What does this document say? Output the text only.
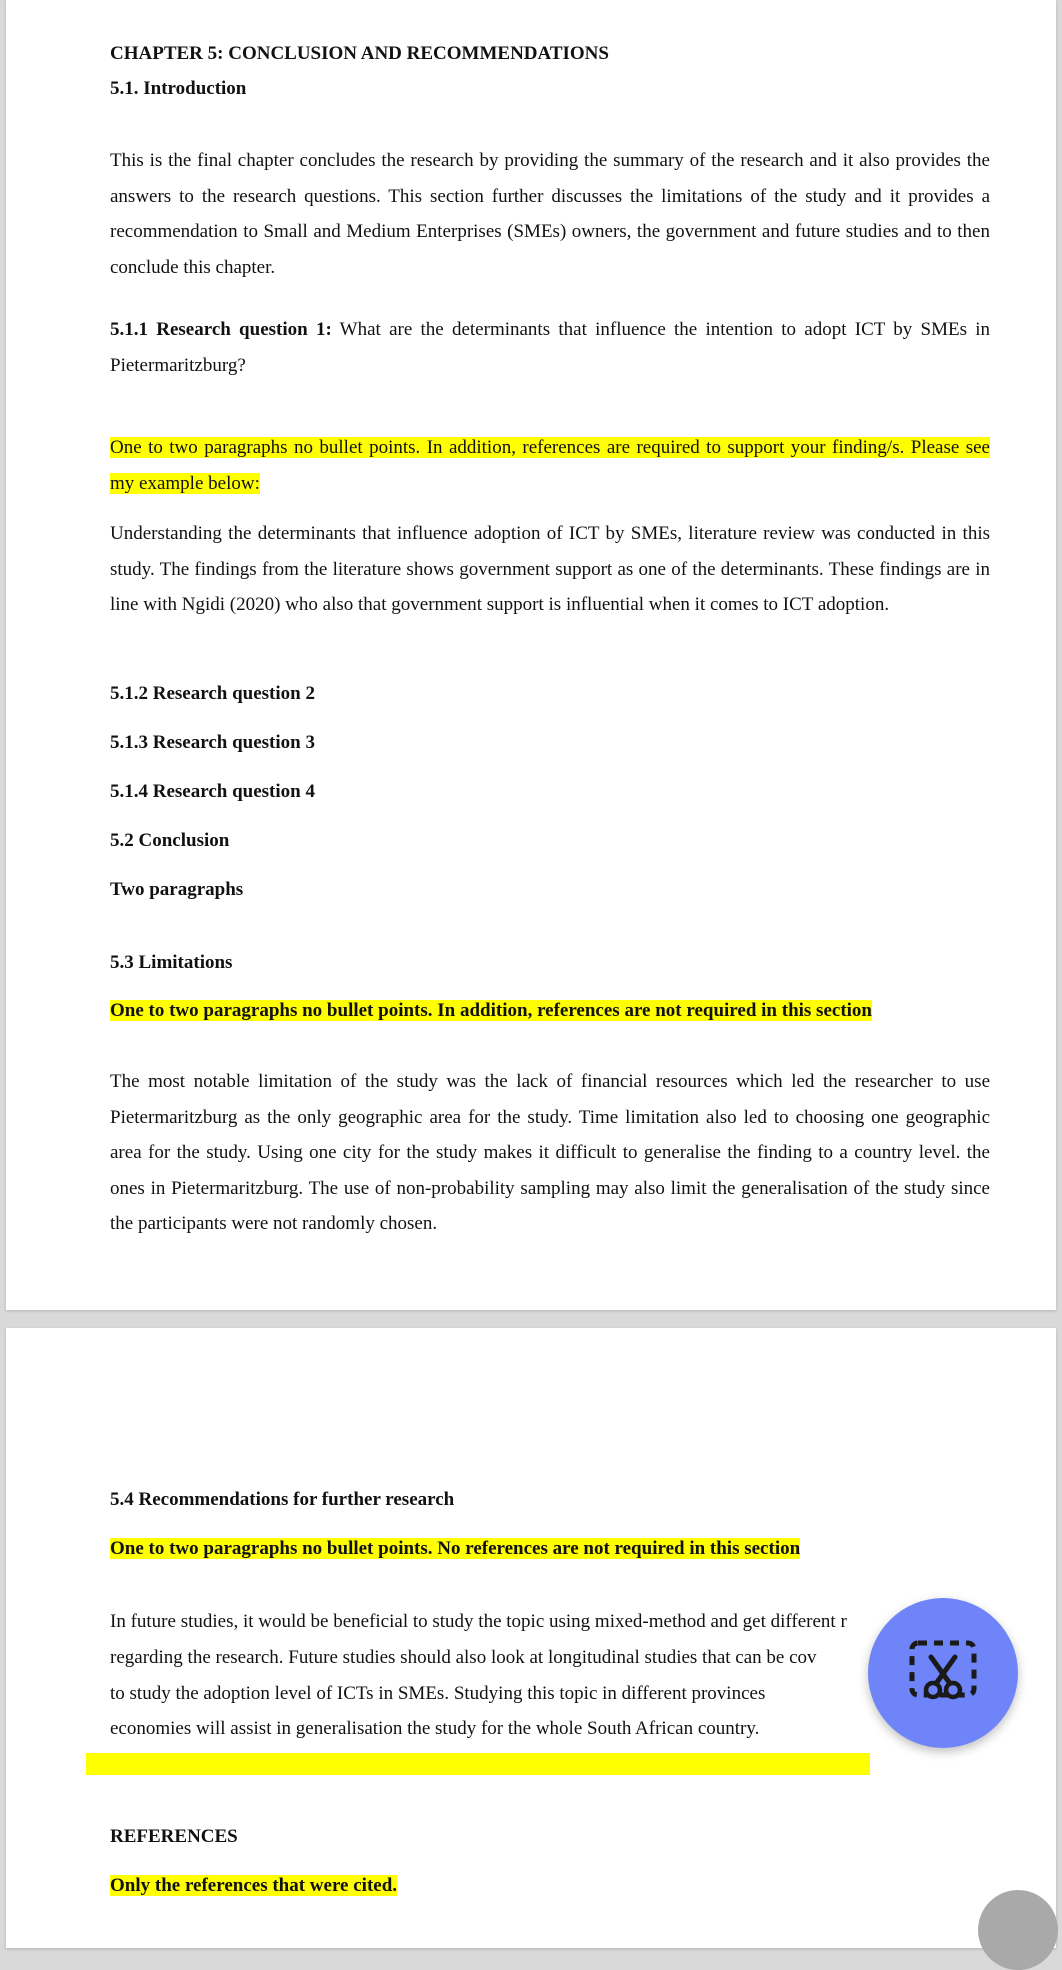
CHAPTER 5: CONCLUSION AND RECOMMENDATIONS

5.1. Introduction

This is the final chapter concludes the research by providing the summary of the research and it also provides the answers to the research questions. This section further discusses the limitations of the study and it provides a recommendation to Small and Medium Enterprises (SMEs) owners, the government and future studies and to then conclude this chapter.

5.1.1 Research question 1: What are the determinants that influence the intention to adopt ICT by SMEs in Pietermaritzburg?

One to two paragraphs no bullet points. In addition, references are required to support your finding/s. Please see my example below:

Understanding the determinants that influence adoption of ICT by SMEs, literature review was conducted in this study. The findings from the literature shows government support as one of the determinants. These findings are in line with Ngidi (2020) who also that government support is influential when it comes to ICT adoption.

5.1.2 Research question 2

5.1.3 Research question 3

5.1.4 Research question 4

5.2 Conclusion

Two paragraphs

5.3 Limitations

One to two paragraphs no bullet points. In addition, references are not required in this section

The most notable limitation of the study was the lack of financial resources which led the researcher to use Pietermaritzburg as the only geographic area for the study. Time limitation also led to choosing one geographic area for the study. Using one city for the study makes it difficult to generalise the finding to a country level. the ones in Pietermaritzburg. The use of non-probability sampling may also limit the generalisation of the study since the participants were not randomly chosen.

5.4 Recommendations for further research

One to two paragraphs no bullet points. No references are not required in this section

In future studies, it would be beneficial to study the topic using mixed-method and get different r

regarding the research. Future studies should also look at longitudinal studies that can be cov

to study the adoption level of ICTs in SMEs. Studying this topic in different provinces

economies will assist in generalisation the study for the whole South African country.

REFERENCES

Only the references that were cited.
